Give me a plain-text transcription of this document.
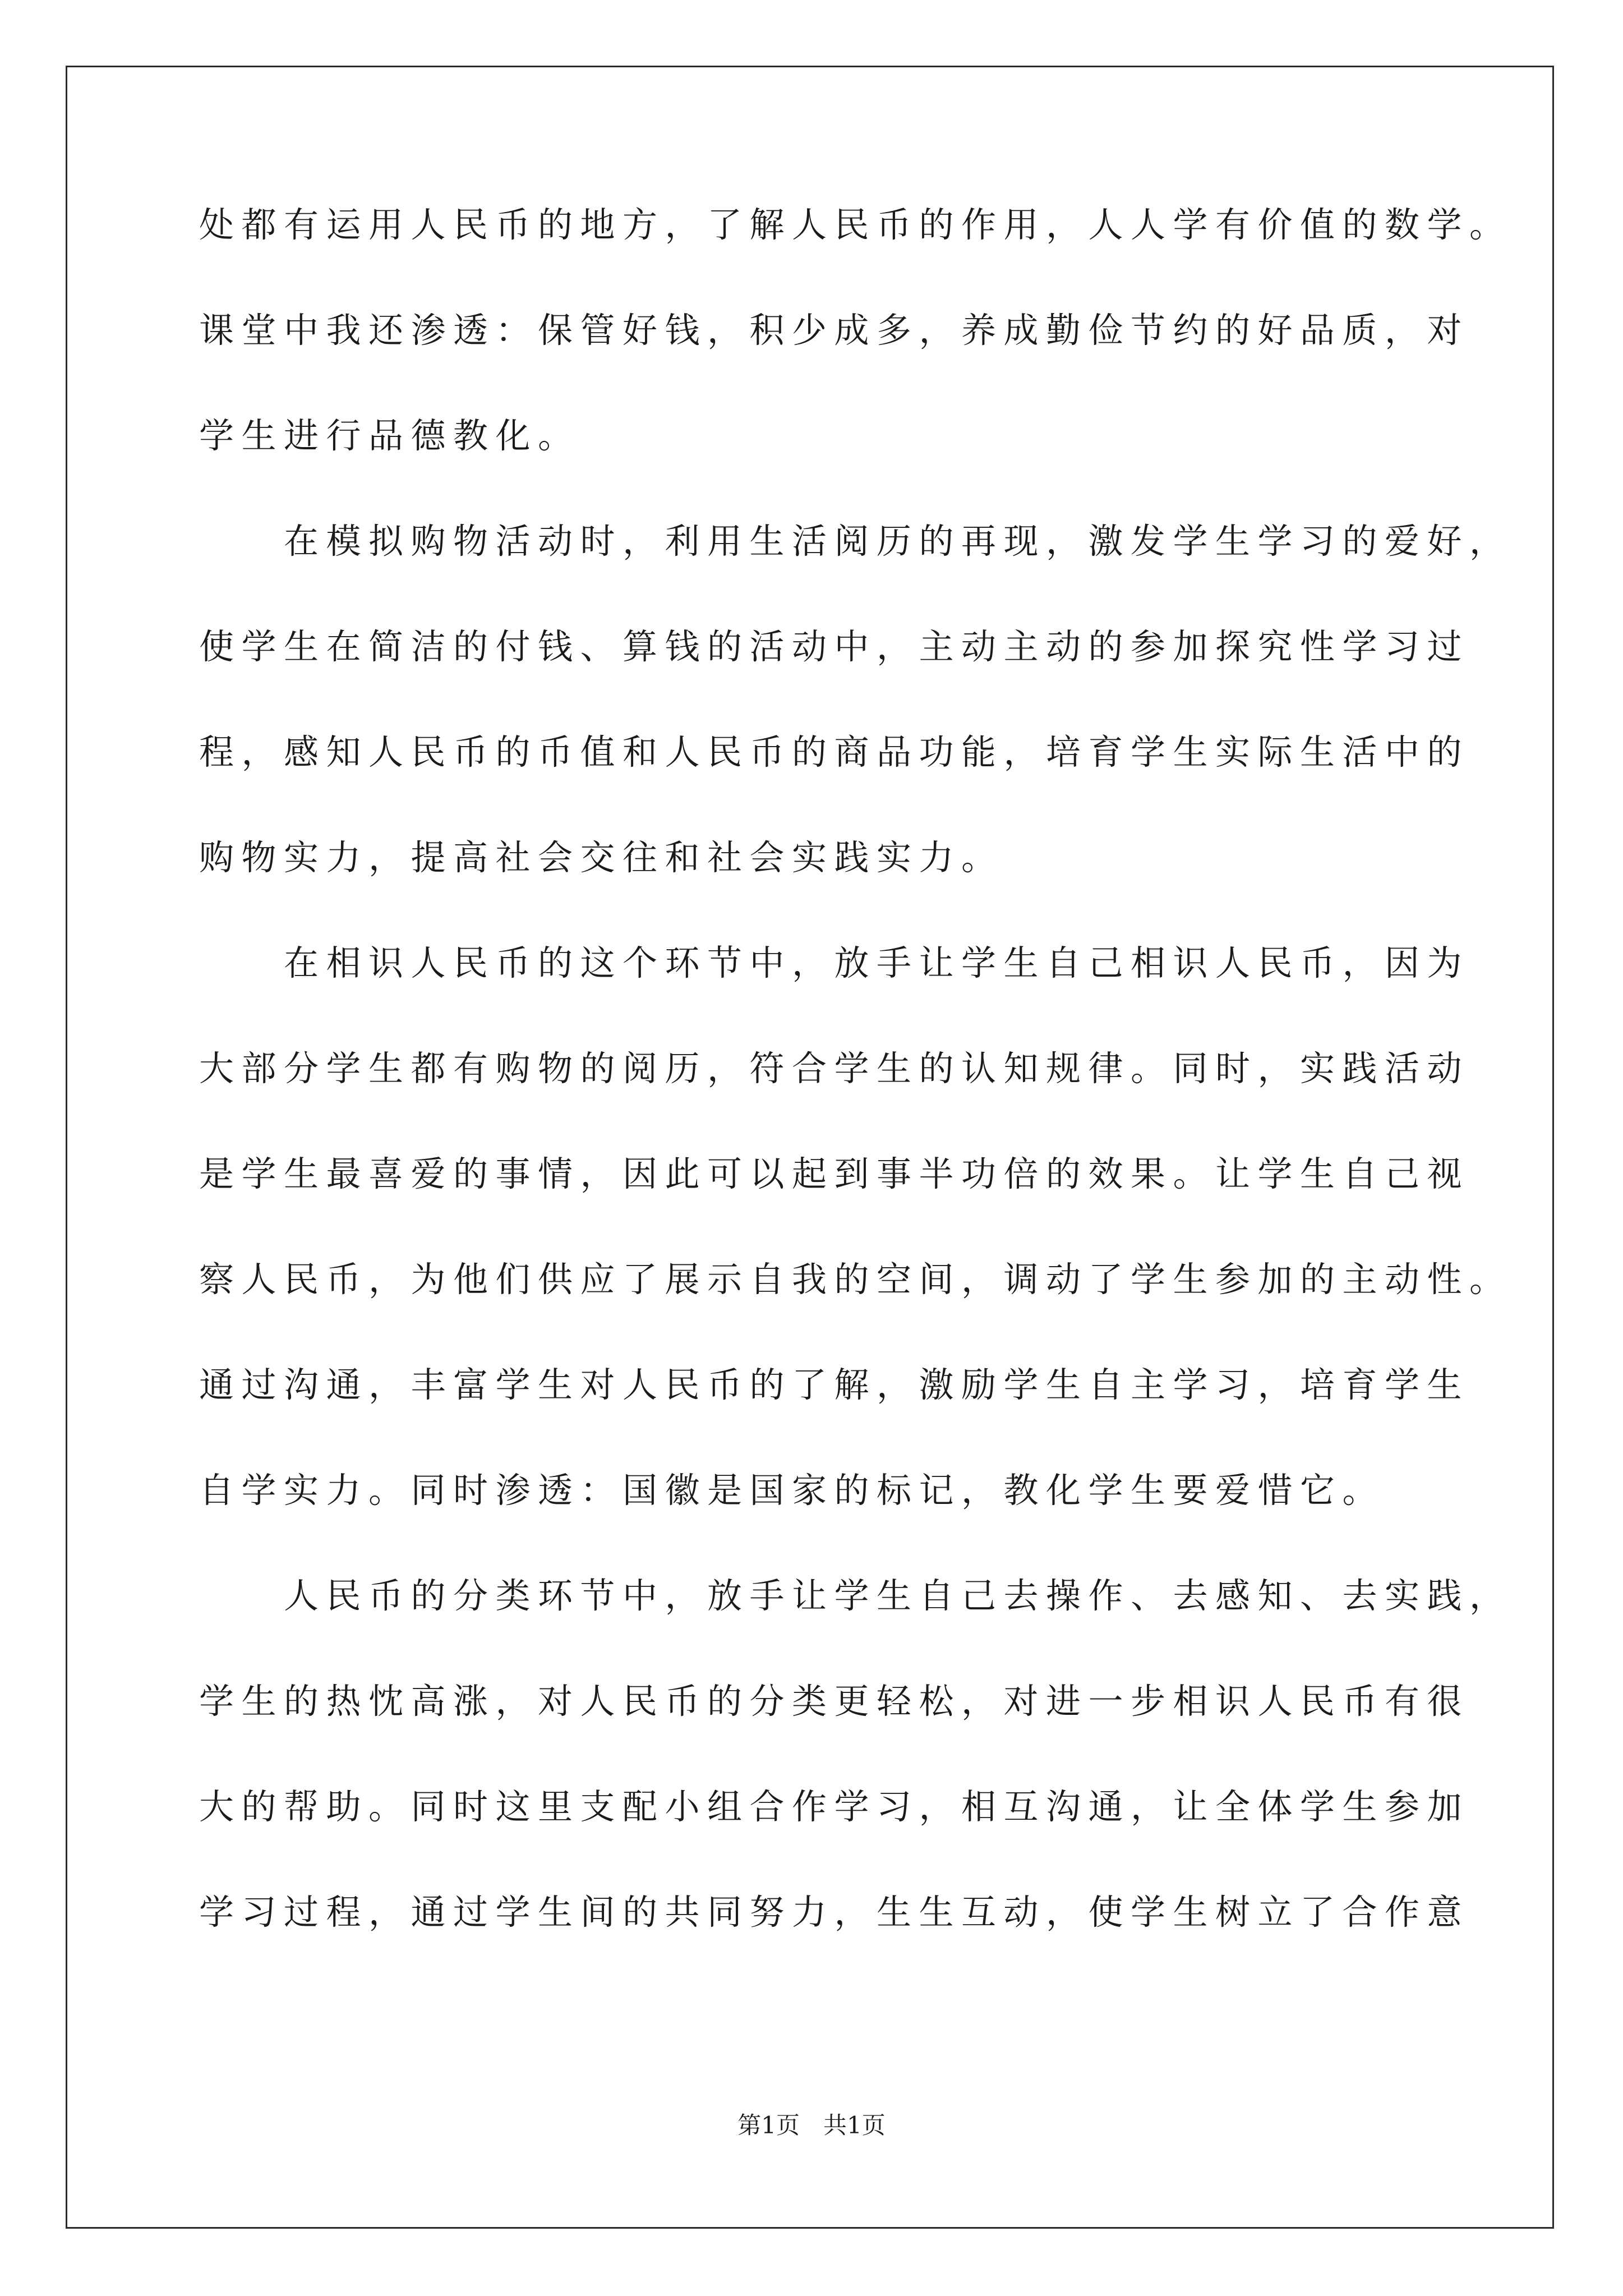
处都有运用人民币的地方，了解人民币的作用，人人学有价值的数学。
课堂中我还渗透：保管好钱，积少成多，养成勤俭节约的好品质，对
学生进行品德教化。
　　在模拟购物活动时，利用生活阅历的再现，激发学生学习的爱好，
使学生在简洁的付钱、算钱的活动中，主动主动的参加探究性学习过
程，感知人民币的币值和人民币的商品功能，培育学生实际生活中的
购物实力，提高社会交往和社会实践实力。
　　在相识人民币的这个环节中，放手让学生自己相识人民币，因为
大部分学生都有购物的阅历，符合学生的认知规律。同时，实践活动
是学生最喜爱的事情，因此可以起到事半功倍的效果。让学生自己视
察人民币，为他们供应了展示自我的空间，调动了学生参加的主动性。
通过沟通，丰富学生对人民币的了解，激励学生自主学习，培育学生
自学实力。同时渗透：国徽是国家的标记，教化学生要爱惜它。
　　人民币的分类环节中，放手让学生自己去操作、去感知、去实践，
学生的热忱高涨，对人民币的分类更轻松，对进一步相识人民币有很
大的帮助。同时这里支配小组合作学习，相互沟通，让全体学生参加
学习过程，通过学生间的共同努力，生生互动，使学生树立了合作意
第1页　共1页
